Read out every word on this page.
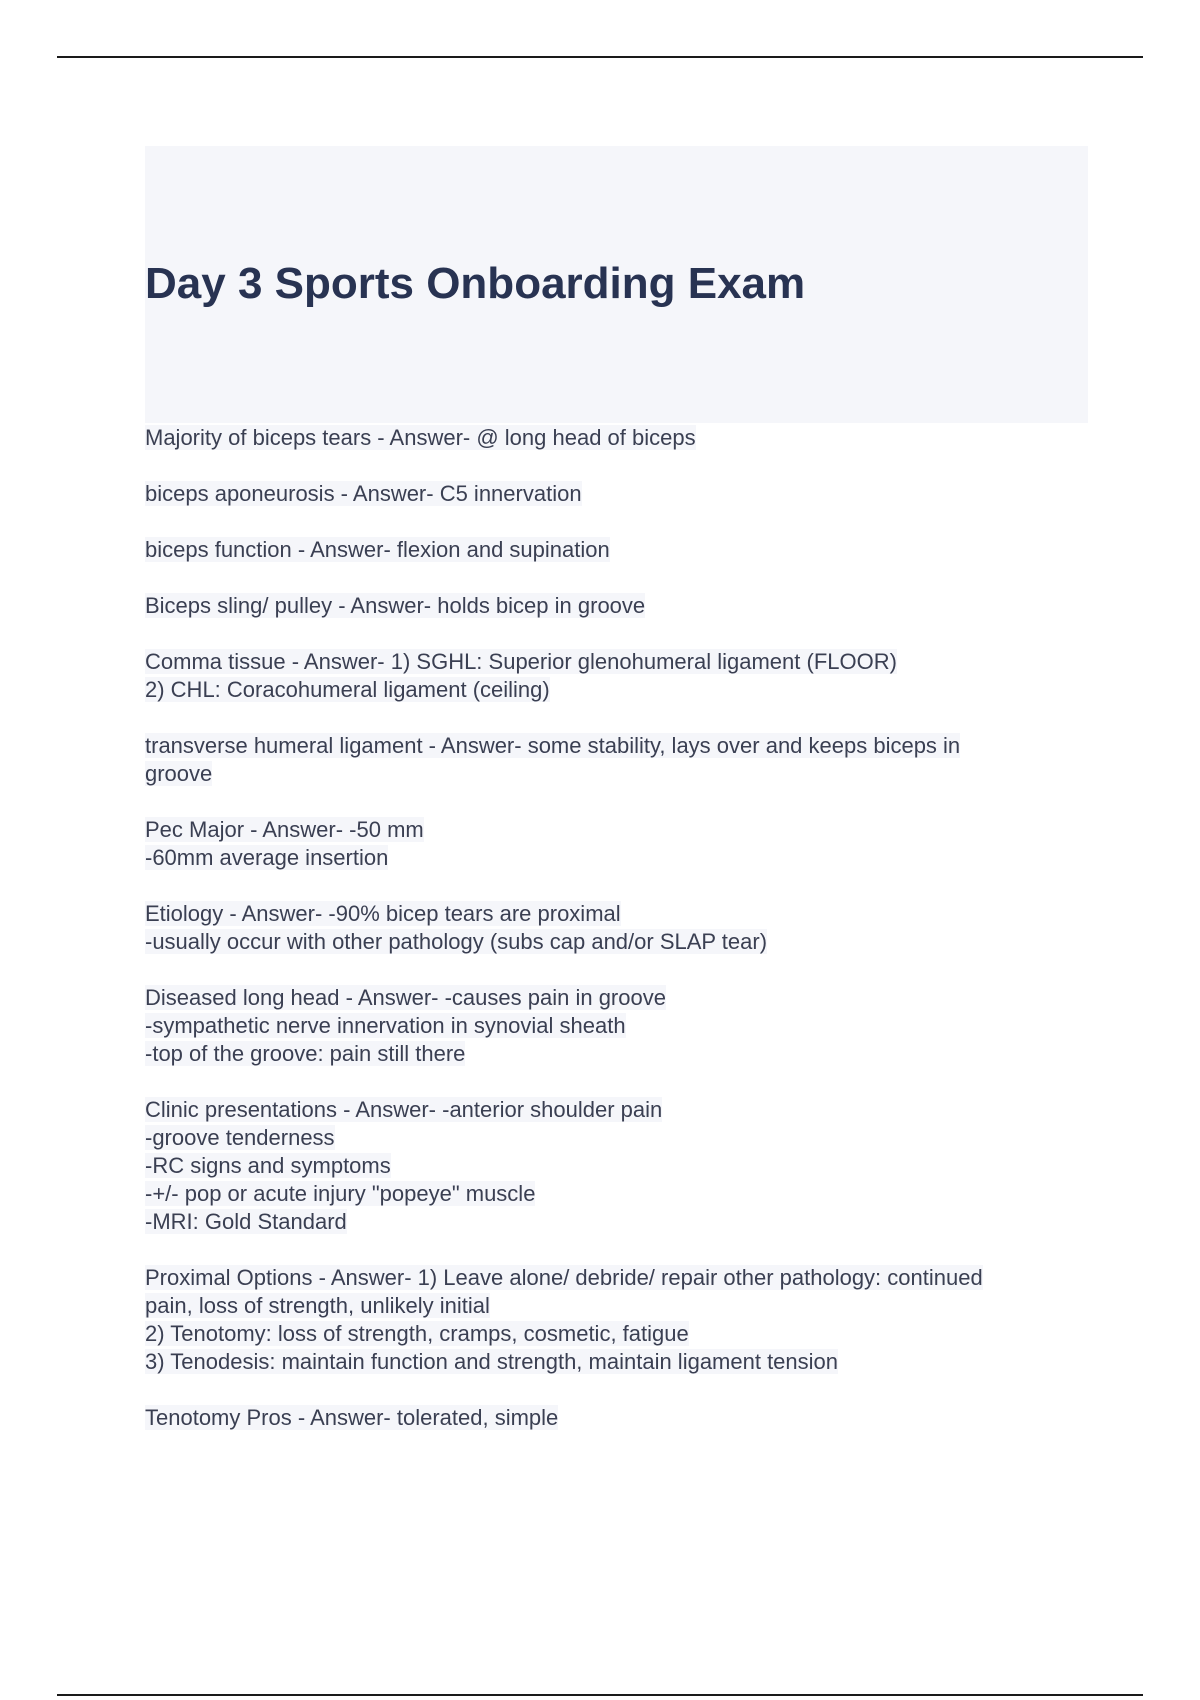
Day 3 Sports Onboarding Exam
Majority of biceps tears - Answer- @ long head of biceps
biceps aponeurosis - Answer- C5 innervation
biceps function - Answer- flexion and supination
Biceps sling/ pulley - Answer- holds bicep in groove
Comma tissue - Answer- 1) SGHL: Superior glenohumeral ligament (FLOOR)
2) CHL: Coracohumeral ligament (ceiling)
transverse humeral ligament - Answer- some stability, lays over and keeps biceps in
groove
Pec Major - Answer- -50 mm
-60mm average insertion
Etiology - Answer- -90% bicep tears are proximal
-usually occur with other pathology (subs cap and/or SLAP tear)
Diseased long head - Answer- -causes pain in groove
-sympathetic nerve innervation in synovial sheath
-top of the groove: pain still there
Clinic presentations - Answer- -anterior shoulder pain
-groove tenderness
-RC signs and symptoms
-+/- pop or acute injury "popeye" muscle
-MRI: Gold Standard
Proximal Options - Answer- 1) Leave alone/ debride/ repair other pathology: continued
pain, loss of strength, unlikely initial
2) Tenotomy: loss of strength, cramps, cosmetic, fatigue
3) Tenodesis: maintain function and strength, maintain ligament tension
Tenotomy Pros - Answer- tolerated, simple
